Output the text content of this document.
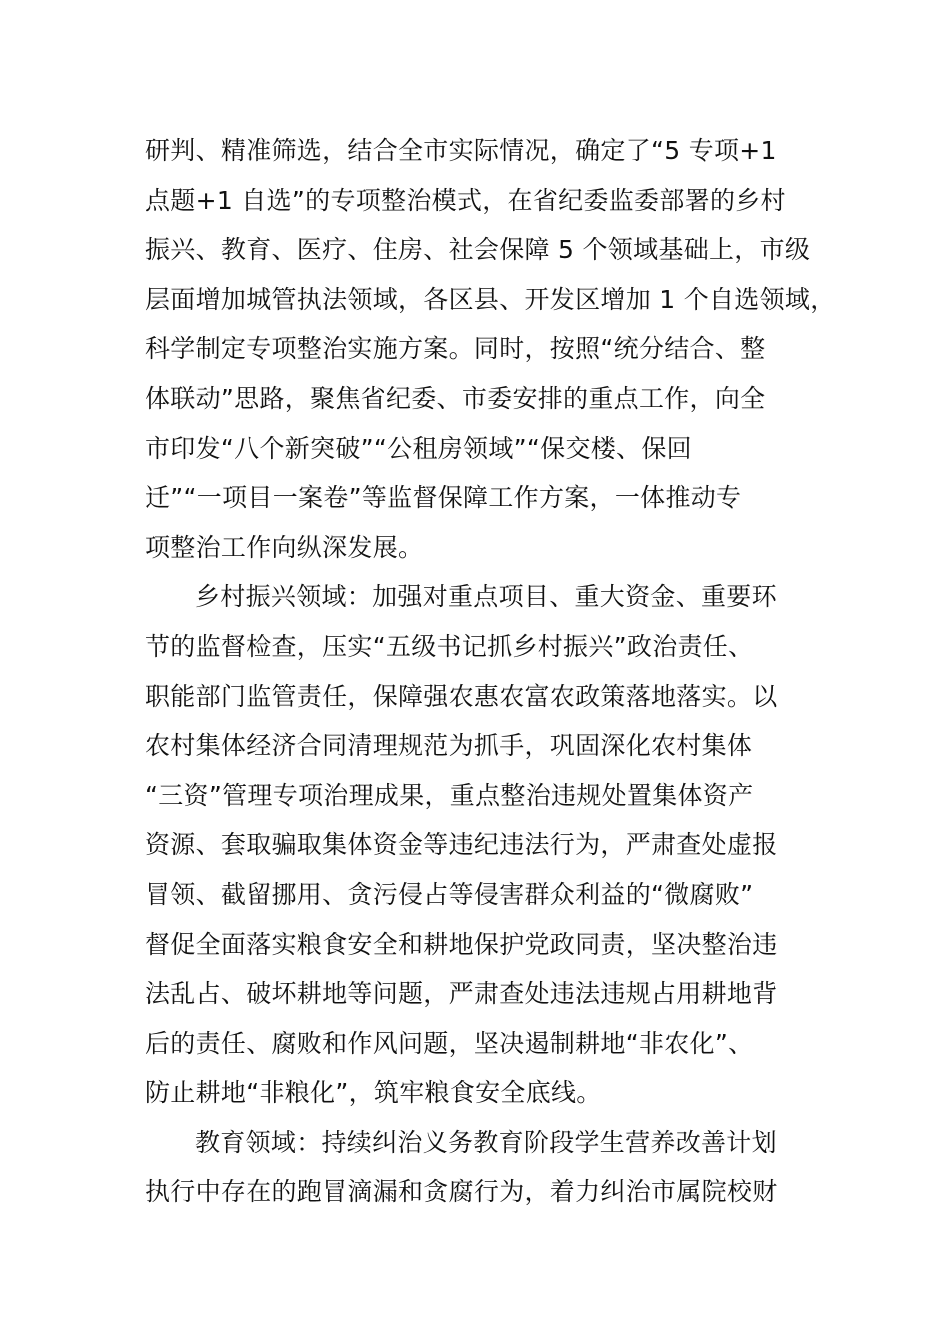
研判、精准筛选，结合全市实际情况，确定了“5 专项+1
点题+1 自选”的专项整治模式，在省纪委监委部署的乡村
振兴、教育、医疗、住房、社会保障 5 个领域基础上，市级
层面增加城管执法领域，各区县、开发区增加 1 个自选领域，
科学制定专项整治实施方案。同时，按照“统分结合、整
体联动”思路，聚焦省纪委、市委安排的重点工作，向全
市印发“八个新突破”“公租房领域”“保交楼、保回
迁”“一项目一案卷”等监督保障工作方案，一体推动专
项整治工作向纵深发展。
乡村振兴领域：加强对重点项目、重大资金、重要环
节的监督检查，压实“五级书记抓乡村振兴”政治责任、
职能部门监管责任，保障强农惠农富农政策落地落实。以
农村集体经济合同清理规范为抓手，巩固深化农村集体
“三资”管理专项治理成果，重点整治违规处置集体资产
资源、套取骗取集体资金等违纪违法行为，严肃查处虚报
冒领、截留挪用、贪污侵占等侵害群众利益的“微腐败”
督促全面落实粮食安全和耕地保护党政同责，坚决整治违
法乱占、破坏耕地等问题，严肃查处违法违规占用耕地背
后的责任、腐败和作风问题，坚决遏制耕地“非农化”、
防止耕地“非粮化”，筑牢粮食安全底线。
教育领域：持续纠治义务教育阶段学生营养改善计划
执行中存在的跑冒滴漏和贪腐行为，着力纠治市属院校财
